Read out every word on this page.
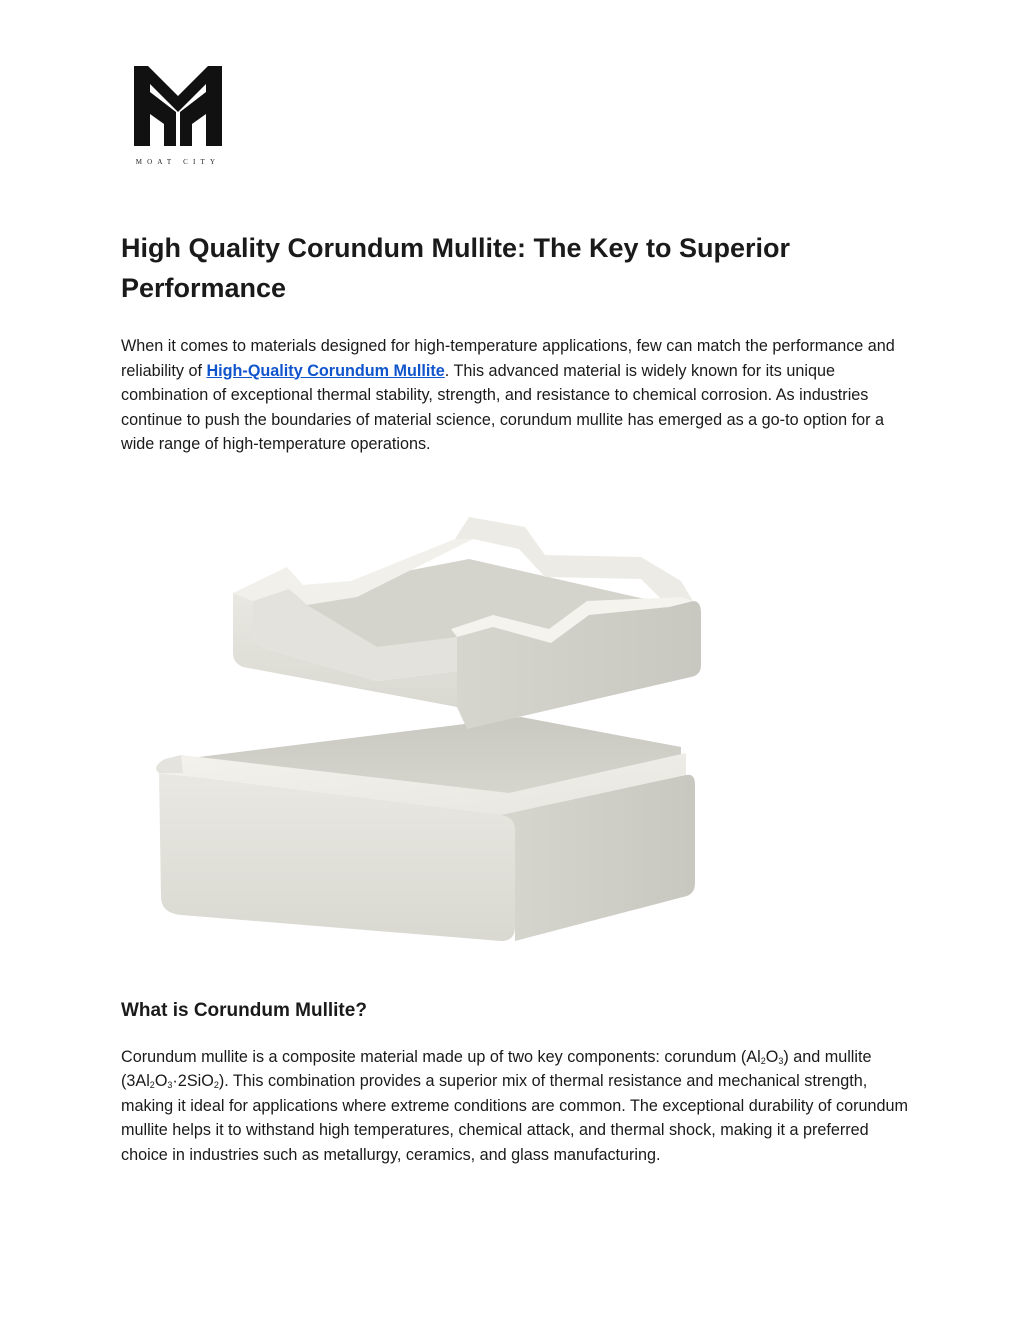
MOAT CITY
High Quality Corundum Mullite: The Key to Superior Performance

When it comes to materials designed for high-temperature applications, few can match the performance and reliability of High-Quality Corundum Mullite. This advanced material is widely known for its unique combination of exceptional thermal stability, strength, and resistance to chemical corrosion. As industries continue to push the boundaries of material science, corundum mullite has emerged as a go-to option for a wide range of high-temperature operations.

What is Corundum Mullite?

Corundum mullite is a composite material made up of two key components: corundum $(Al_2O_3)$ and mullite $(3Al_2O_3\cdot 2SiO_2)$. This combination provides a superior mix of thermal resistance and mechanical strength, making it ideal for applications where extreme conditions are common. The exceptional durability of corundum mullite helps it to withstand high temperatures, chemical attack, and thermal shock, making it a preferred choice in industries such as metallurgy, ceramics, and glass manufacturing.
